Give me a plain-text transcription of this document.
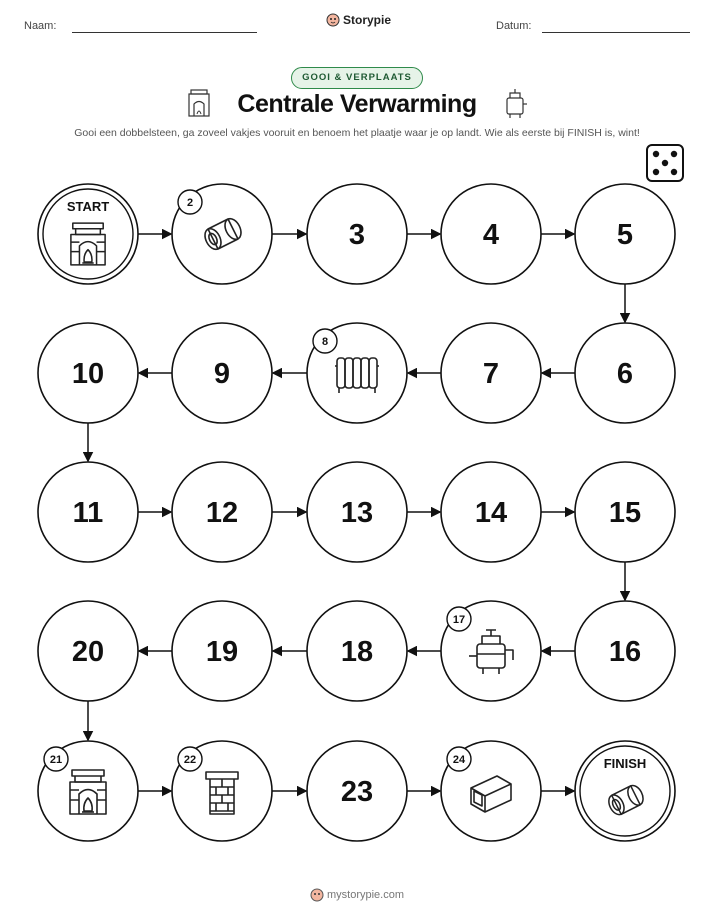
Naam:	Storypie	Datum:
GOOI & VERPLAATS
Centrale Verwarming
Gooi een dobbelsteen, ga zoveel vakjes vooruit en benoem het plaatje waar je op landt. Wie als eerste bij FINISH is, wint!
START	2
3	4	5
6
7
8
9
10
11	12	13	14	15
16
17
18
19
20
21	22
23
24	FINISH
mystorypie.com
